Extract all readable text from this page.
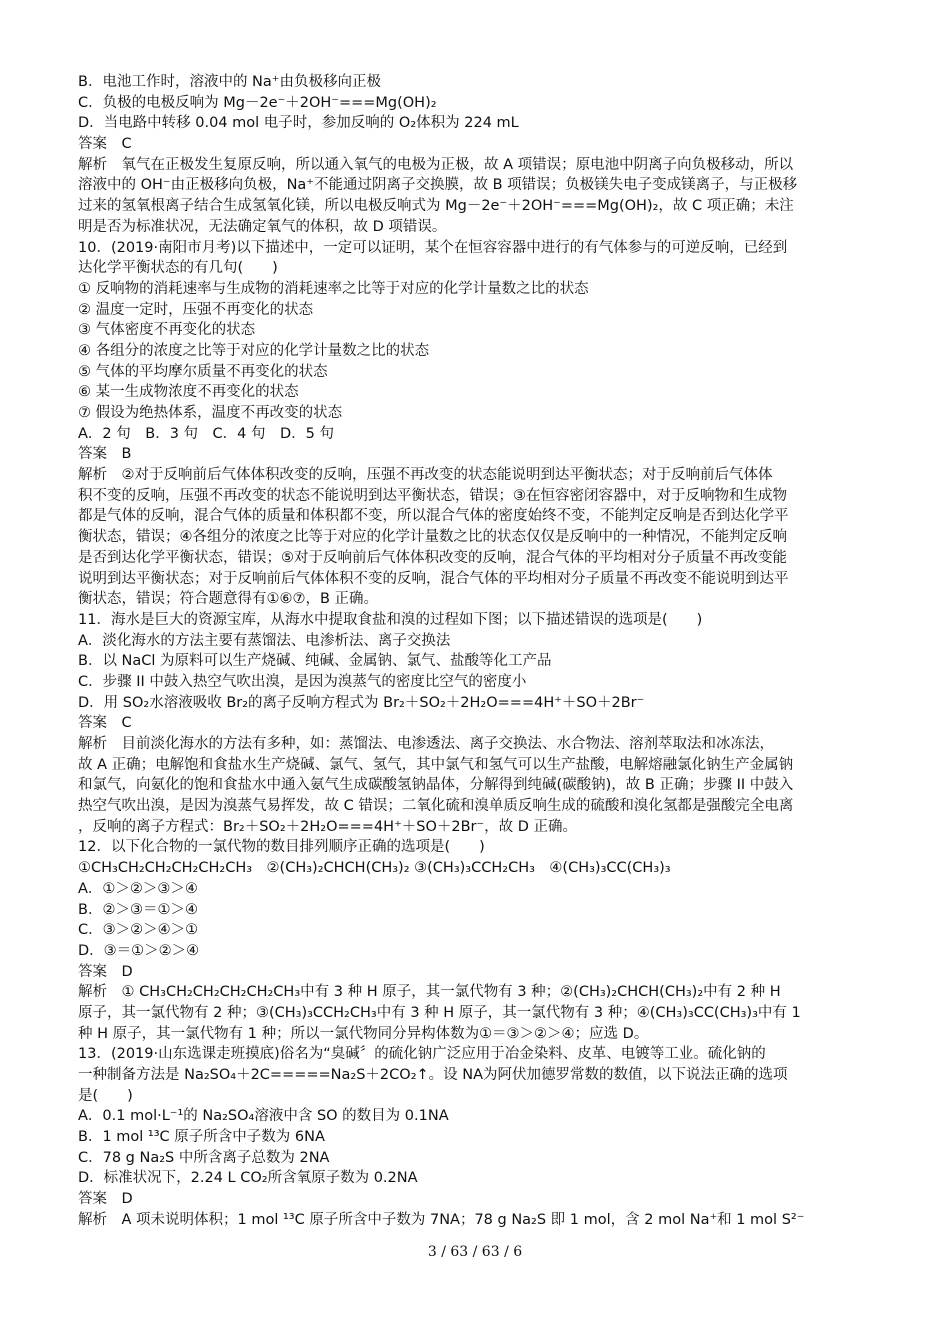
B．电池工作时，溶液中的 Na⁺由负极移向正极
C．负极的电极反响为 Mg－2e⁻＋2OH⁻===Mg(OH)₂
D．当电路中转移 0.04 mol 电子时，参加反响的 O₂体积为 224 mL
答案　C
解析　氧气在正极发生复原反响，所以通入氧气的电极为正极，故 A 项错误；原电池中阴离子向负极移动，所以
溶液中的 OH⁻由正极移向负极，Na⁺不能通过阴离子交换膜，故 B 项错误；负极镁失电子变成镁离子，与正极移
过来的氢氧根离子结合生成氢氧化镁，所以电极反响式为 Mg－2e⁻＋2OH⁻===Mg(OH)₂，故 C 项正确；未注
明是否为标准状况，无法确定氧气的体积，故 D 项错误。
10．(2019·南阳市月考)以下描述中，一定可以证明，某个在恒容容器中进行的有气体参与的可逆反响，已经到
达化学平衡状态的有几句(　　)
① 反响物的消耗速率与生成物的消耗速率之比等于对应的化学计量数之比的状态
② 温度一定时，压强不再变化的状态
③ 气体密度不再变化的状态
④ 各组分的浓度之比等于对应的化学计量数之比的状态
⑤ 气体的平均摩尔质量不再变化的状态
⑥ 某一生成物浓度不再变化的状态
⑦ 假设为绝热体系，温度不再改变的状态
A．2 句　B．3 句　C．4 句　D．5 句
答案　B
解析　②对于反响前后气体体积改变的反响，压强不再改变的状态能说明到达平衡状态；对于反响前后气体体
积不变的反响，压强不再改变的状态不能说明到达平衡状态，错误；③在恒容密闭容器中，对于反响物和生成物
都是气体的反响，混合气体的质量和体积都不变，所以混合气体的密度始终不变，不能判定反响是否到达化学平
衡状态，错误；④各组分的浓度之比等于对应的化学计量数之比的状态仅仅是反响中的一种情况，不能判定反响
是否到达化学平衡状态，错误；⑤对于反响前后气体体积改变的反响，混合气体的平均相对分子质量不再改变能
说明到达平衡状态；对于反响前后气体体积不变的反响，混合气体的平均相对分子质量不再改变不能说明到达平
衡状态，错误；符合题意得有①⑥⑦，B 正确。
11．海水是巨大的资源宝库，从海水中提取食盐和溴的过程如下图；以下描述错误的选项是(　　)
A．淡化海水的方法主要有蒸馏法、电渗析法、离子交换法
B．以 NaCl 为原料可以生产烧碱、纯碱、金属钠、氯气、盐酸等化工产品
C．步骤 II 中鼓入热空气吹出溴，是因为溴蒸气的密度比空气的密度小
D．用 SO₂水溶液吸收 Br₂的离子反响方程式为 Br₂＋SO₂＋2H₂O===4H⁺＋SO＋2Br⁻
答案　C
解析　目前淡化海水的方法有多种，如：蒸馏法、电渗透法、离子交换法、水合物法、溶剂萃取法和冰冻法，
故 A 正确；电解饱和食盐水生产烧碱、氯气、氢气，其中氯气和氢气可以生产盐酸，电解熔融氯化钠生产金属钠
和氯气，向氨化的饱和食盐水中通入氨气生成碳酸氢钠晶体，分解得到纯碱(碳酸钠)，故 B 正确；步骤 II 中鼓入
热空气吹出溴，是因为溴蒸气易挥发，故 C 错误；二氧化硫和溴单质反响生成的硫酸和溴化氢都是强酸完全电离
，反响的离子方程式：Br₂＋SO₂＋2H₂O===4H⁺＋SO＋2Br⁻，故 D 正确。
12．以下化合物的一氯代物的数目排列顺序正确的选项是(　　)
①CH₃CH₂CH₂CH₂CH₂CH₃　②(CH₃)₂CHCH(CH₃)₂ ③(CH₃)₃CCH₂CH₃　④(CH₃)₃CC(CH₃)₃
A．①＞②＞③＞④
B．②＞③＝①＞④
C．③＞②＞④＞①
D．③＝①＞②＞④
答案　D
解析　① CH₃CH₂CH₂CH₂CH₂CH₃中有 3 种 H 原子，其一氯代物有 3 种；②(CH₃)₂CHCH(CH₃)₂中有 2 种 H
原子，其一氯代物有 2 种；③(CH₃)₃CCH₂CH₃中有 3 种 H 原子，其一氯代物有 3 种；④(CH₃)₃CC(CH₃)₃中有 1
种 H 原子，其一氯代物有 1 种；所以一氯代物同分异构体数为①＝③＞②＞④；应选 D。
13．(2019·山东选课走班摸底)俗名为“臭碱〞的硫化钠广泛应用于冶金染料、皮革、电镀等工业。硫化钠的
一种制备方法是 Na₂SO₄＋2C=====Na₂S＋2CO₂↑。设 NA为阿伏加德罗常数的数值，以下说法正确的选项
是(　　)
A．0.1 mol·L⁻¹的 Na₂SO₄溶液中含 SO 的数目为 0.1NA
B．1 mol ¹³C 原子所含中子数为 6NA
C．78 g Na₂S 中所含离子总数为 2NA
D．标准状况下，2.24 L CO₂所含氧原子数为 0.2NA
答案　D
解析　A 项未说明体积；1 mol ¹³C 原子所含中子数为 7NA；78 g Na₂S 即 1 mol，含 2 mol Na⁺和 1 mol S²⁻
3 / 63 / 63 / 6
